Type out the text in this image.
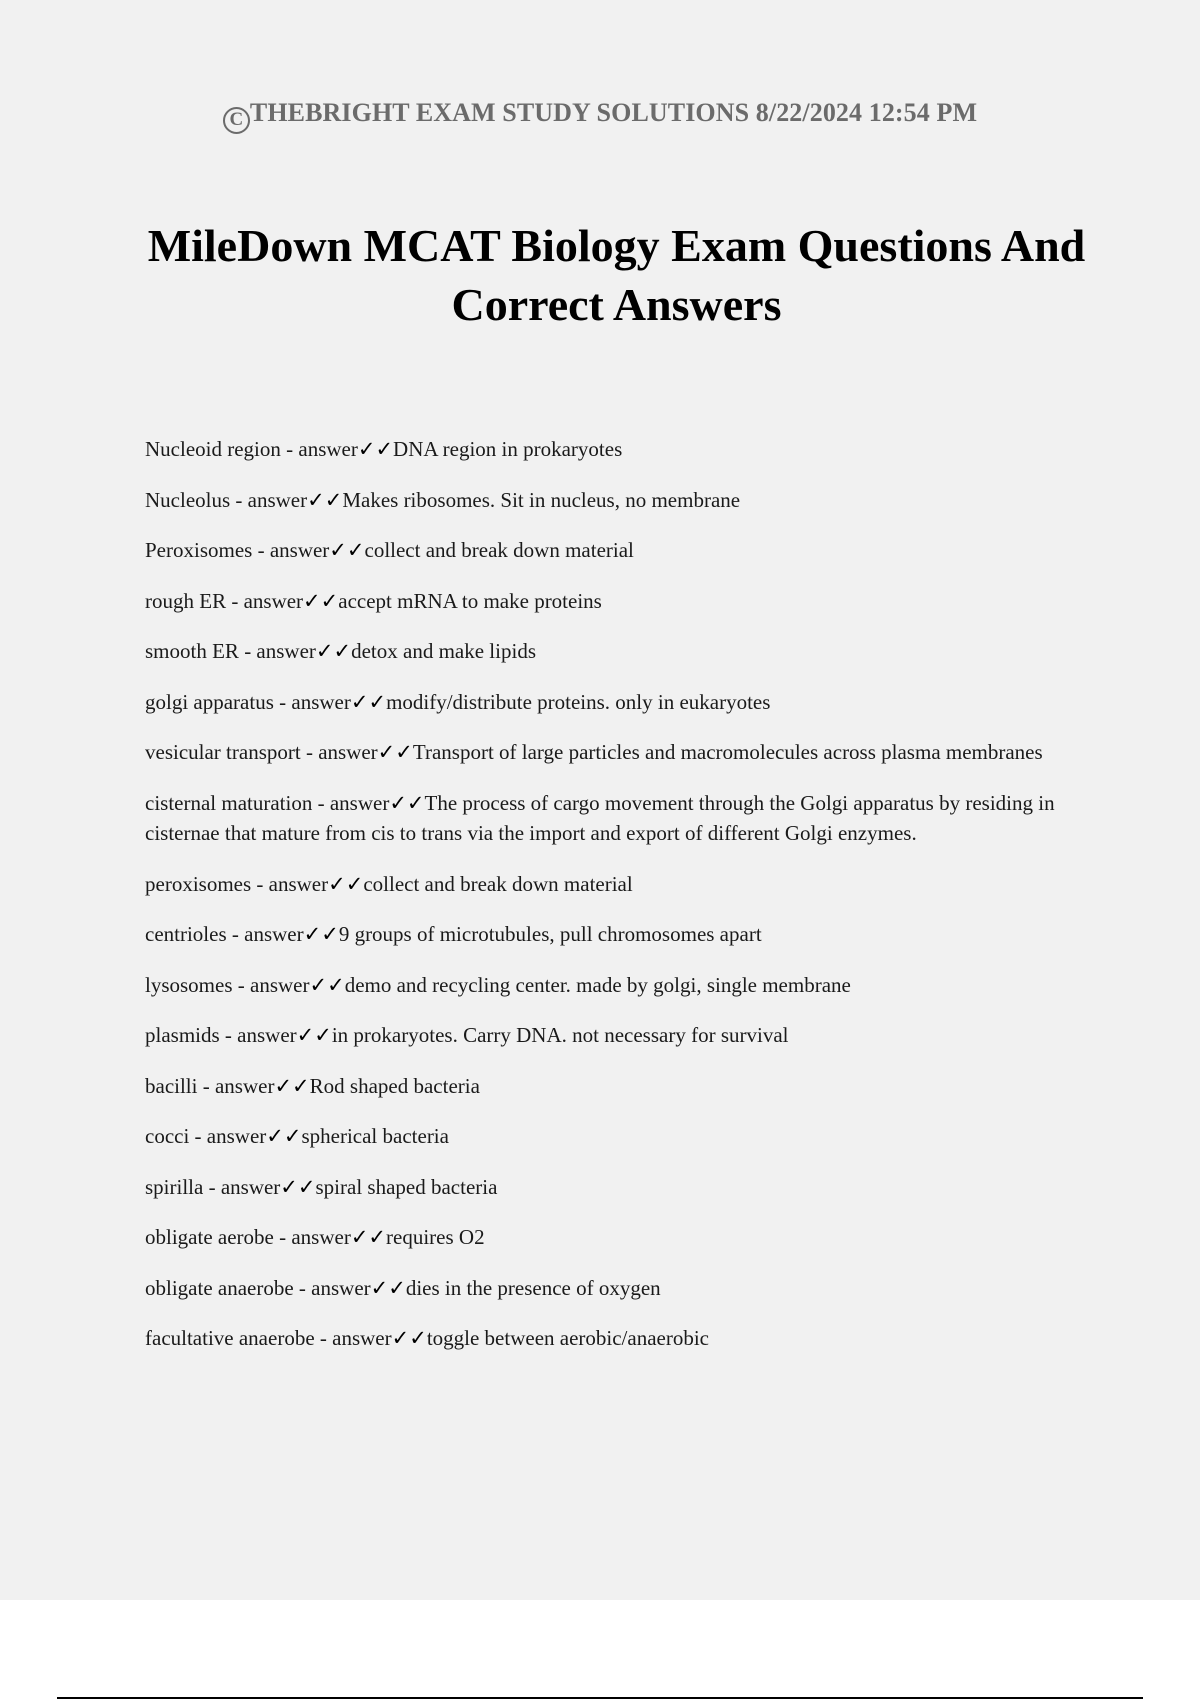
C THEBRIGHT EXAM STUDY SOLUTIONS 8/22/2024 12:54 PM
MileDown MCAT Biology Exam Questions And Correct Answers
Nucleoid region - answer✓✓DNA region in prokaryotes
Nucleolus - answer✓✓Makes ribosomes. Sit in nucleus, no membrane
Peroxisomes - answer✓✓collect and break down material
rough ER - answer✓✓accept mRNA to make proteins
smooth ER - answer✓✓detox and make lipids
golgi apparatus - answer✓✓modify/distribute proteins. only in eukaryotes
vesicular transport - answer✓✓Transport of large particles and macromolecules across plasma membranes
cisternal maturation - answer✓✓The process of cargo movement through the Golgi apparatus by residing in cisternae that mature from cis to trans via the import and export of different Golgi enzymes.
peroxisomes - answer✓✓collect and break down material
centrioles - answer✓✓9 groups of microtubules, pull chromosomes apart
lysosomes - answer✓✓demo and recycling center. made by golgi, single membrane
plasmids - answer✓✓in prokaryotes. Carry DNA. not necessary for survival
bacilli - answer✓✓Rod shaped bacteria
cocci - answer✓✓spherical bacteria
spirilla - answer✓✓spiral shaped bacteria
obligate aerobe - answer✓✓requires O2
obligate anaerobe - answer✓✓dies in the presence of oxygen
facultative anaerobe - answer✓✓toggle between aerobic/anaerobic
